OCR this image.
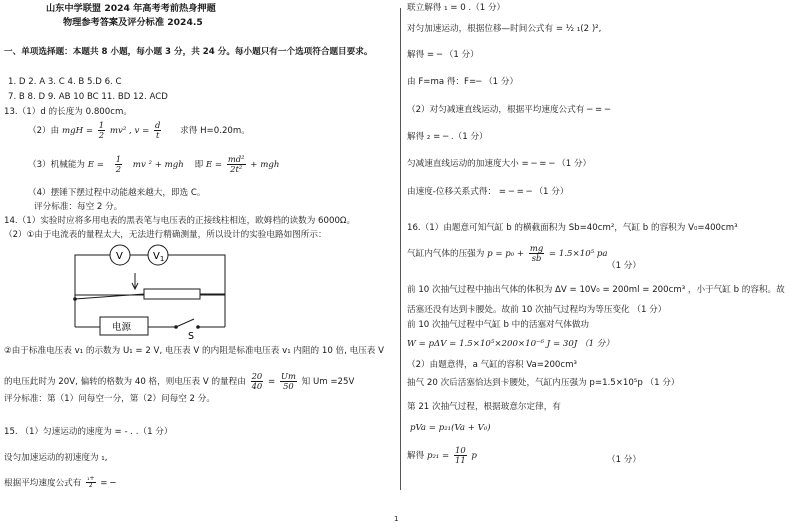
山东中学联盟 2024 年高考考前热身押题
物理参考答案及评分标准 2024.5
一、单项选择题：本题共 8 小题，每小题 3 分，共 24 分。每小题只有一个选项符合题目要求。
1. D 2. A 3. C 4. B 5.D 6. C
7. B 8. D 9. AB 10 BC 11. BD 12. ACD
13.（1）d 的长度为 0.800cm。
（2）由 mgH = $\frac{1}{2} mv^2$ , $v = \frac{d}{t}$ 求得 H=0.20m。
（3）机械能为 $E = \frac{1}{2}$ mv ² + mgh 即 $E = \frac{\text{md²}}{\text{2t²}}$ + mgh
（4）摆锤下摆过程中动能越来越大，即选 C。
评分标准：每空 2 分。
14.（1）实验时应将多用电表的黑表笔与电压表的正接线柱相连，欧姆档的读数为 6000Ω。
（2）①由于电流表的量程太大，无法进行精确测量，所以设计的实验电路如图所示：
V	$V_1$
电源
S
②由于标准电压表 v₁ 的示数为 U₁ = 2 V, 电压表 V 的内阻是标准电压表 v₁ 内阻的 10 倍, 电压表 V
的电压此时为 20V, 偏转的格数为 40 格，则电压表 V 的量程由 $\frac{20}{40} = \frac{Um}{50}$ 知 Um =25V
评分标准：第（1）问每空一分，第（2）问每空 2 分。
15. （1）匀速运动的速度为 = - . .（1 分）
设匀加速运动的初速度为 ₁,
根据平均速度公式有 $\frac{\text{₁+}}{2}$ = ─
联立解得 ₁ = 0 .（1 分）
对匀加速运动，根据位移—时间公式有 = ½ ₁(2 )²,
解得 = ─ （1 分）
由 F=ma 得：F=─ （1 分）
（2）对匀减速直线运动，根据平均速度公式有 ─ = ─
解得 ₂ = ─ .（1 分）
匀减速直线运动的加速度大小 = ─ = ─ （1 分）
由速度-位移关系式得： = ─ = ─ （1 分）
16.（1）由题意可知气缸 b 的横截面积为 Sb=40cm²，气缸 b 的容积为 V₀=400cm³
气缸内气体的压强为 $p = p_0 + \frac{mg}{sb} = 1.5\times 10^5$ pa
（1 分）
前 10 次抽气过程中抽出气体的体积为 ΔV = 10V₀ = 200ml = 200cm³ ，小于气缸 b 的容积。故
活塞还没有达到卡腰处。故前 10 次抽气过程均为等压变化 （1 分）
前 10 次抽气过程中气缸 b 中的活塞对气体做功
W = pΔV = 1.5×10⁵×200×10⁻⁶ J = 30J （1 分）
（2）由题意得，a 气缸的容积 Va=200cm³
抽气 20 次后活塞恰达到卡腰处，气缸内压强为 p=1.5×10⁵p （1 分）
第 21 次抽气过程，根据玻意尔定律，有
pVa = p₂₁(Va + V₀)
解得 $p_{21} = \frac{10}{11}$ p	（1 分）
1
